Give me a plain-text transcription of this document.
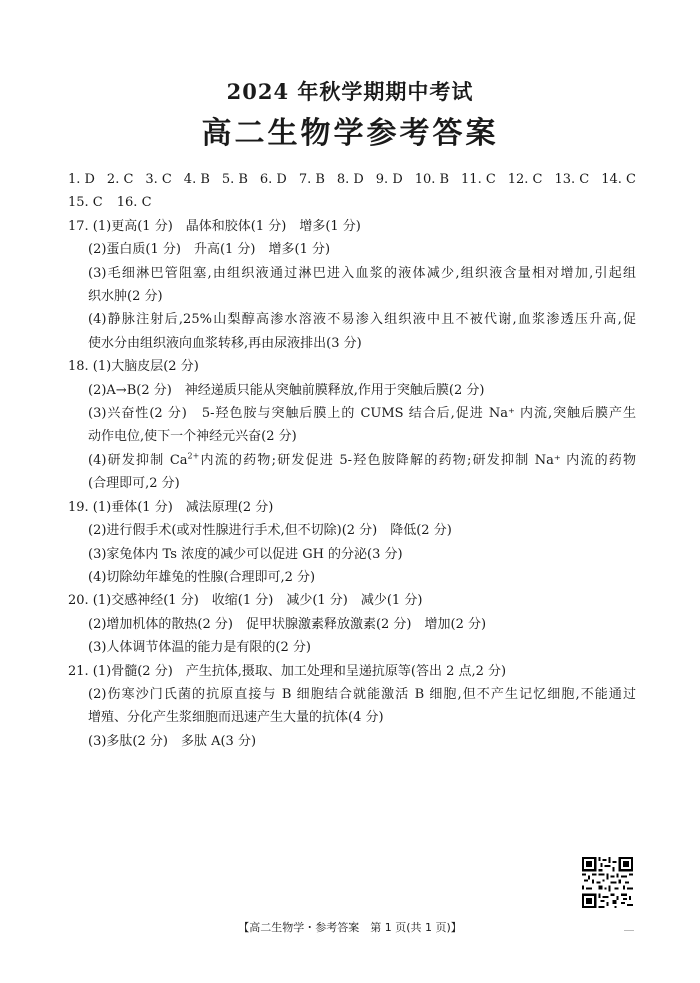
2024 年秋学期期中考试
高二生物学参考答案
1. D 2. C 3. C 4. B 5. B 6. D 7. B 8. D 9. D 10. B 11. C 12. C 13. C 14. C
15. C 16. C
17. (1)更高(1 分)　晶体和胶体(1 分)　增多(1 分)
(2)蛋白质(1 分)　升高(1 分)　增多(1 分)
(3)毛细淋巴管阻塞,由组织液通过淋巴进入血浆的液体减少,组织液含量相对增加,引起组
织水肿(2 分)
(4)静脉注射后,25%山梨醇高渗水溶液不易渗入组织液中且不被代谢,血浆渗透压升高,促
使水分由组织液向血浆转移,再由尿液排出(3 分)
18. (1)大脑皮层(2 分)
(2)A→B(2 分)　神经递质只能从突触前膜释放,作用于突触后膜(2 分)
(3)兴奋性(2 分)　5-羟色胺与突触后膜上的 CUMS 结合后,促进 Na⁺ 内流,突触后膜产生
动作电位,使下一个神经元兴奋(2 分)
(4)研发抑制 $Ca^{2+}$内流的药物;研发促进 5-羟色胺降解的药物;研发抑制 Na⁺ 内流的药物
(合理即可,2 分)
19. (1)垂体(1 分)　减法原理(2 分)
(2)进行假手术(或对性腺进行手术,但不切除)(2 分)　降低(2 分)
(3)家兔体内 Ts 浓度的减少可以促进 GH 的分泌(3 分)
(4)切除幼年雄兔的性腺(合理即可,2 分)
20. (1)交感神经(1 分)　收缩(1 分)　减少(1 分)　减少(1 分)
(2)增加机体的散热(2 分)　促甲状腺激素释放激素(2 分)　增加(2 分)
(3)人体调节体温的能力是有限的(2 分)
21. (1)骨髓(2 分)　产生抗体,摄取、加工处理和呈递抗原等(答出 2 点,2 分)
(2)伤寒沙门氏菌的抗原直接与 B 细胞结合就能激活 B 细胞,但不产生记忆细胞,不能通过
增殖、分化产生浆细胞而迅速产生大量的抗体(4 分)
(3)多肽(2 分)　多肽 A(3 分)
【高二生物学・参考答案　第 1 页(共 1 页)】
